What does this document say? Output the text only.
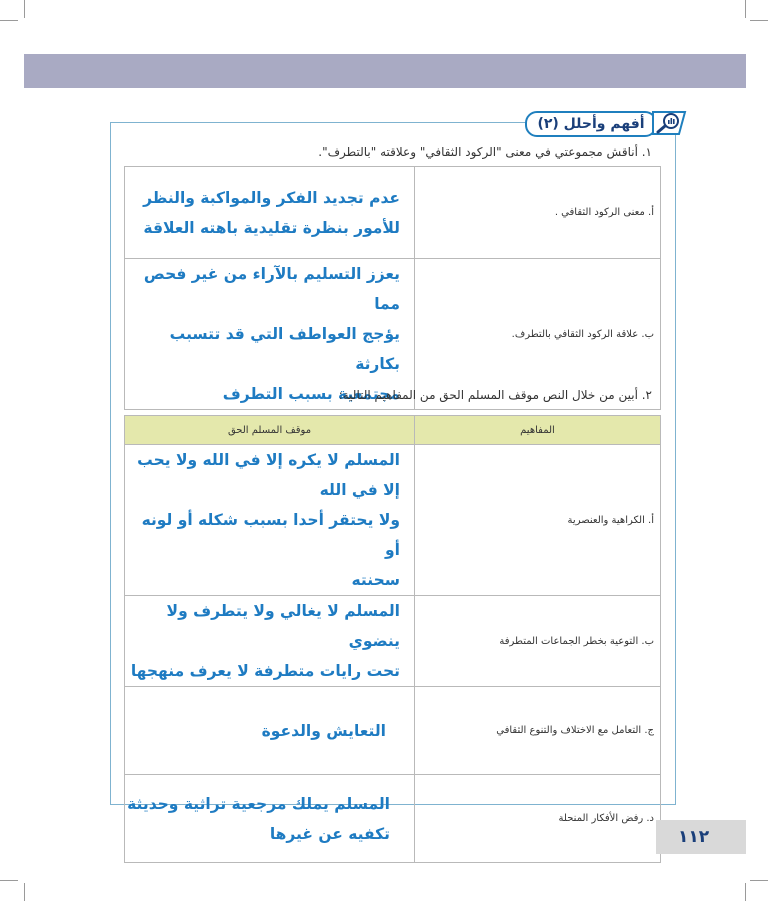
أفهم وأحلل (٢)
١. أناقش مجموعتي في معنى "الركود الثقافي" وعلاقته "بالتطرف".
عدم تجديد الفكر والمواكبة والنظر
للأمور بنظرة تقليدية باهته العلاقة	أ. معنى الركود الثقافي .

يعزز التسليم بالآراء من غير فحص مما
يؤجج العواطف التي قد تتسبب بكارثة
مجتمعية بسبب التطرف	ب. علاقة الركود الثقافي بالتطرف.
٢. أبين من خلال النص موقف المسلم الحق من المفاهيم التالية:
موقف المسلم الحق	المفاهيم

المسلم لا يكره إلا في الله ولا يحب إلا في الله
ولا يحتقر أحدا بسبب شكله أو لونه أو
سحنته	أ. الكراهية والعنصرية

المسلم لا يغالي ولا يتطرف ولا ينضوي
تحت رايات متطرفة لا يعرف منهجها	ب. التوعية بخطر الجماعات المتطرفة

التعايش والدعوة	ج. التعامل مع الاختلاف والتنوع الثقافي

المسلم يملك مرجعية تراثية وحديثة
تكفيه عن غيرها	د. رفض الأفكار المنحلة
١١٢
